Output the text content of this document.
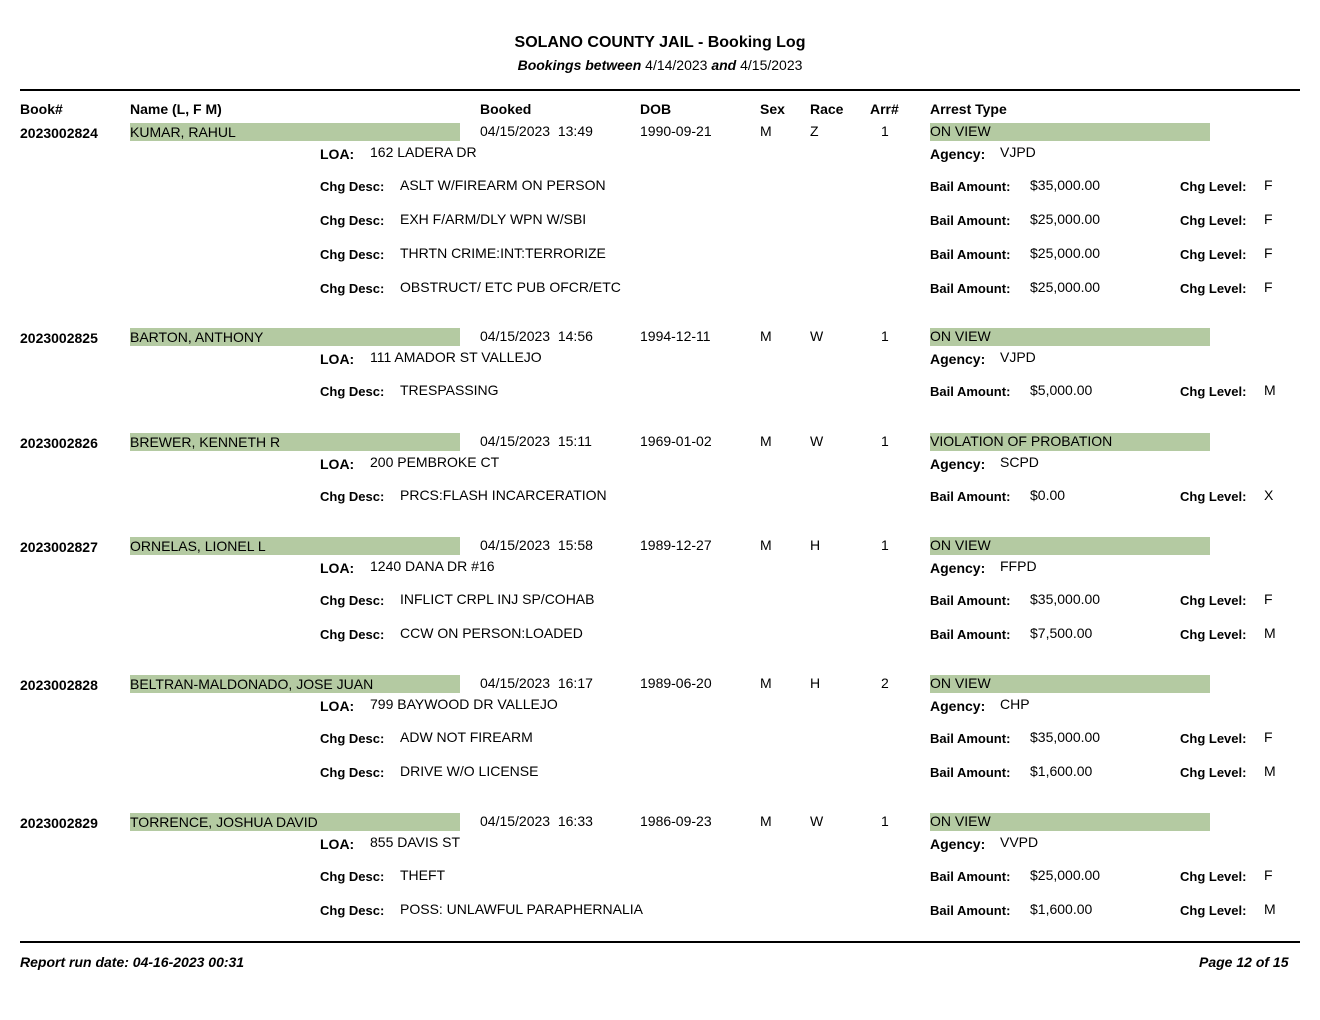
SOLANO COUNTY JAIL - Booking Log
Bookings between 4/14/2023 and 4/15/2023
Book#	Name (L, F M)	Booked	DOB	Sex Race Arr# Arrest Type
2023002824 KUMAR, RAHUL	04/15/2023 13:49	1990-09-21	M	Z	1	ON VIEW
LOA: 162 LADERA DR	Agency: VJPD
Chg Desc: ASLT W/FIREARM ON PERSON	Bail Amount: $35,000.00	Chg Level: F
Chg Desc: EXH F/ARM/DLY WPN W/SBI	Bail Amount: $25,000.00	Chg Level: F
Chg Desc: THRTN CRIME:INT:TERRORIZE	Bail Amount: $25,000.00	Chg Level: F
Chg Desc: OBSTRUCT/ ETC PUB OFCR/ETC	Bail Amount: $25,000.00	Chg Level: F
2023002825 BARTON, ANTHONY	04/15/2023 14:56	1994-12-11	M	W	1	ON VIEW
LOA: 111 AMADOR ST VALLEJO	Agency: VJPD
Chg Desc: TRESPASSING	Bail Amount: $5,000.00	Chg Level: M
2023002826 BREWER, KENNETH R	04/15/2023 15:11	1969-01-02	M	W	1	VIOLATION OF PROBATION
LOA: 200 PEMBROKE CT	Agency: SCPD
Chg Desc: PRCS:FLASH INCARCERATION	Bail Amount: $0.00	Chg Level: X
2023002827 ORNELAS, LIONEL L	04/15/2023 15:58	1989-12-27	M	H	1	ON VIEW
LOA: 1240 DANA DR #16	Agency: FFPD
Chg Desc: INFLICT CRPL INJ SP/COHAB	Bail Amount: $35,000.00	Chg Level: F
Chg Desc: CCW ON PERSON:LOADED	Bail Amount: $7,500.00	Chg Level: M
2023002828 BELTRAN-MALDONADO, JOSE JUAN	04/15/2023 16:17	1989-06-20	M	H	2	ON VIEW
LOA: 799 BAYWOOD DR VALLEJO	Agency: CHP
Chg Desc: ADW NOT FIREARM	Bail Amount: $35,000.00	Chg Level: F
Chg Desc: DRIVE W/O LICENSE	Bail Amount: $1,600.00	Chg Level: M
2023002829 TORRENCE, JOSHUA DAVID	04/15/2023 16:33	1986-09-23	M	W	1	ON VIEW
LOA: 855 DAVIS ST	Agency: VVPD
Chg Desc: THEFT	Bail Amount: $25,000.00	Chg Level: F
Chg Desc: POSS: UNLAWFUL PARAPHERNALIA	Bail Amount: $1,600.00	Chg Level: M
Report run date: 04-16-2023 00:31	Page 12 of 15
